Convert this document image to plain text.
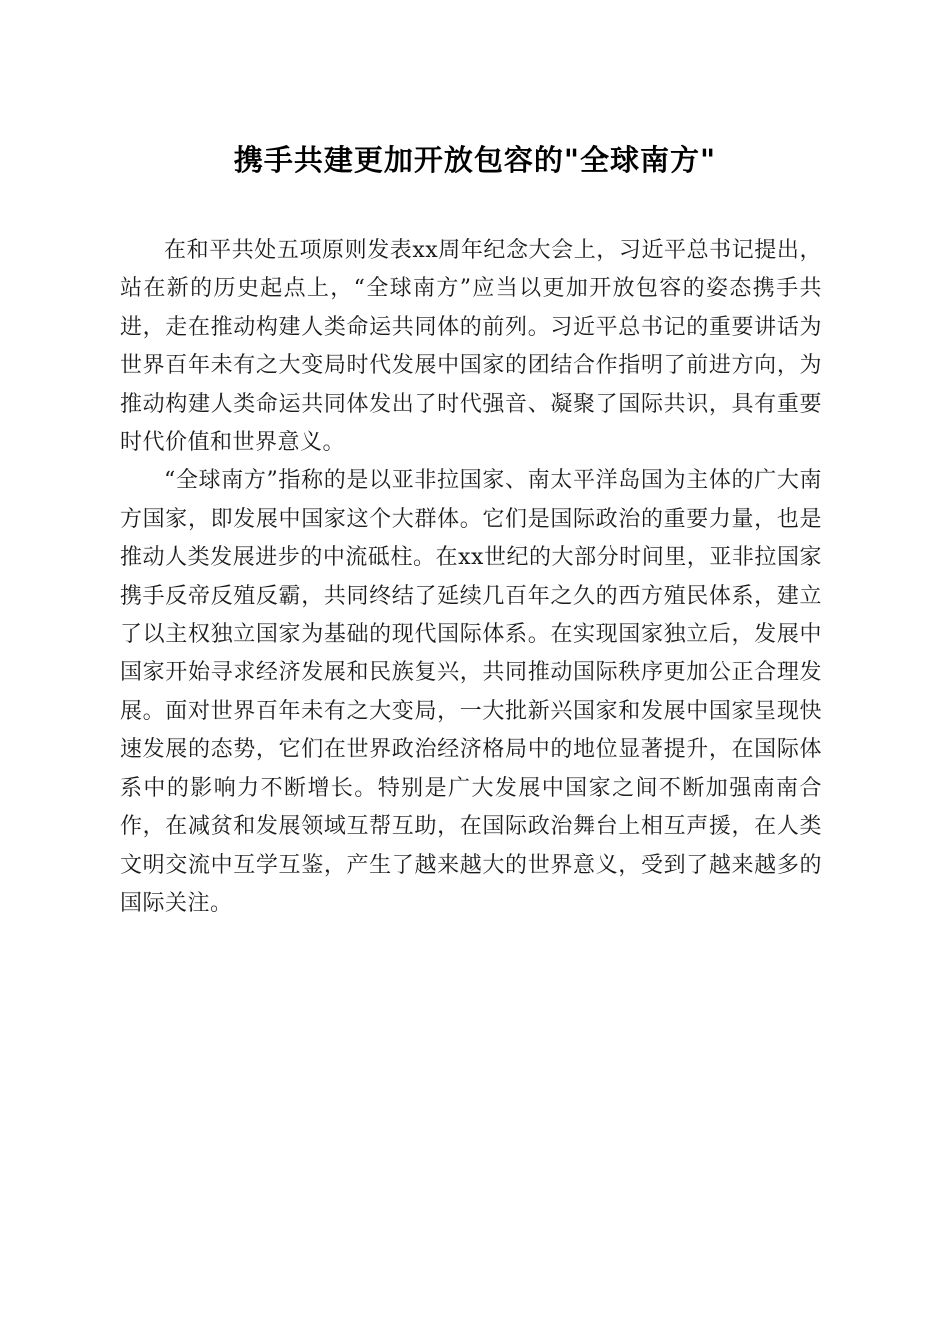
携手共建更加开放包容的"全球南方"

在和平共处五项原则发表xx周年纪念大会上，习近平总书记提出，站在新的历史起点上，“全球南方”应当以更加开放包容的姿态携手共进，走在推动构建人类命运共同体的前列。习近平总书记的重要讲话为世界百年未有之大变局时代发展中国家的团结合作指明了前进方向，为推动构建人类命运共同体发出了时代强音、凝聚了国际共识，具有重要时代价值和世界意义。

“全球南方”指称的是以亚非拉国家、南太平洋岛国为主体的广大南方国家，即发展中国家这个大群体。它们是国际政治的重要力量，也是推动人类发展进步的中流砥柱。在xx世纪的大部分时间里，亚非拉国家携手反帝反殖反霸，共同终结了延续几百年之久的西方殖民体系，建立了以主权独立国家为基础的现代国际体系。在实现国家独立后，发展中国家开始寻求经济发展和民族复兴，共同推动国际秩序更加公正合理发展。面对世界百年未有之大变局，一大批新兴国家和发展中国家呈现快速发展的态势，它们在世界政治经济格局中的地位显著提升，在国际体系中的影响力不断增长。特别是广大发展中国家之间不断加强南南合作，在减贫和发展领域互帮互助，在国际政治舞台上相互声援，在人类文明交流中互学互鉴，产生了越来越大的世界意义，受到了越来越多的国际关注。
